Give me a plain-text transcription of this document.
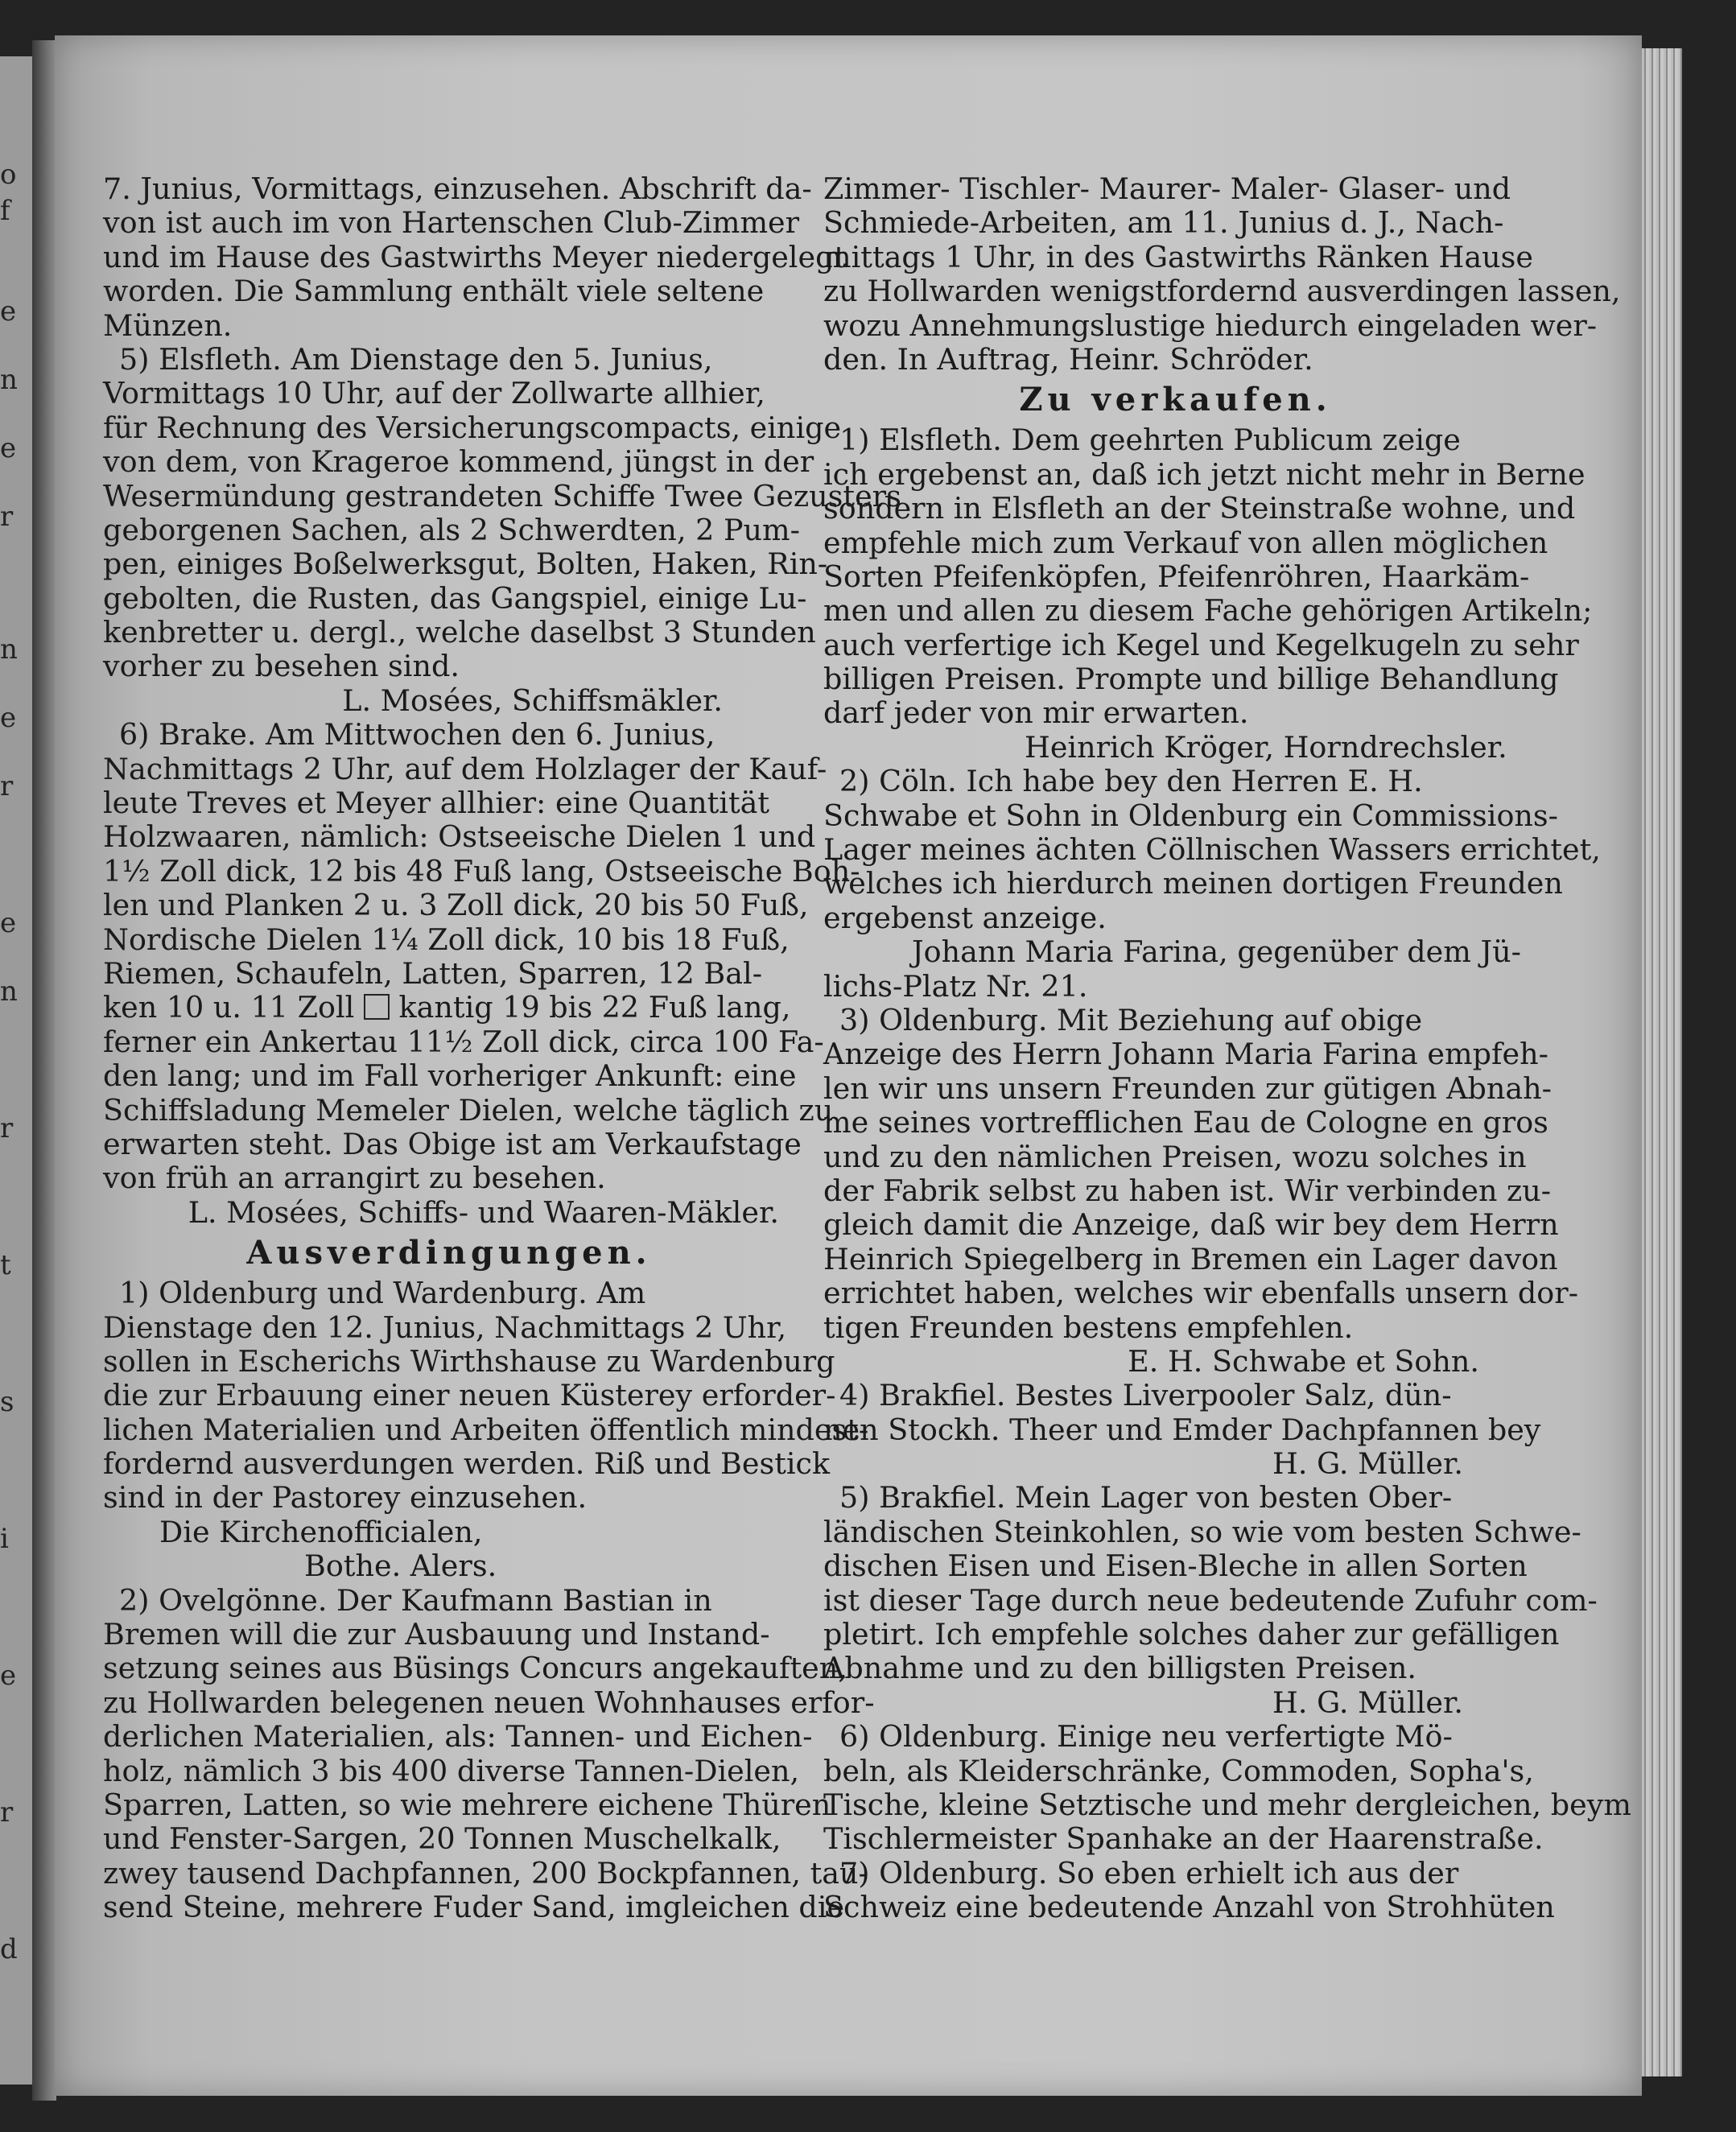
o
f
e
n
e
r
n
e
r
e
n
r
t
s
i
e
r
d
7. Junius, Vormittags, einzusehen. Abschrift da-
von ist auch im von Hartenschen Club-Zimmer
und im Hause des Gastwirths Meyer niedergelegt
worden. Die Sammlung enthält viele seltene
Münzen.
5) Elsfleth. Am Dienstage den 5. Junius,
Vormittags 10 Uhr, auf der Zollwarte allhier,
für Rechnung des Versicherungscompacts, einige
von dem, von Krageroe kommend, jüngst in der
Wesermündung gestrandeten Schiffe Twee Gezusters
geborgenen Sachen, als 2 Schwerdten, 2 Pum-
pen, einiges Boßelwerksgut, Bolten, Haken, Rin-
gebolten, die Rusten, das Gangspiel, einige Lu-
kenbretter u. dergl., welche daselbst 3 Stunden
vorher zu besehen sind.
L. Mosées, Schiffsmäkler.
6) Brake. Am Mittwochen den 6. Junius,
Nachmittags 2 Uhr, auf dem Holzlager der Kauf-
leute Treves et Meyer allhier: eine Quantität
Holzwaaren, nämlich: Ostseeische Dielen 1 und
1½ Zoll dick, 12 bis 48 Fuß lang, Ostseeische Boh-
len und Planken 2 u. 3 Zoll dick, 20 bis 50 Fuß,
Nordische Dielen 1¼ Zoll dick, 10 bis 18 Fuß,
Riemen, Schaufeln, Latten, Sparren, 12 Bal-
ken 10 u. 11 Zoll kantig 19 bis 22 Fuß lang,
ferner ein Ankertau 11½ Zoll dick, circa 100 Fa-
den lang; und im Fall vorheriger Ankunft: eine
Schiffsladung Memeler Dielen, welche täglich zu
erwarten steht. Das Obige ist am Verkaufstage
von früh an arrangirt zu besehen.
L. Mosées, Schiffs- und Waaren-Mäkler.
Ausverdingungen.
1) Oldenburg und Wardenburg. Am
Dienstage den 12. Junius, Nachmittags 2 Uhr,
sollen in Escherichs Wirthshause zu Wardenburg
die zur Erbauung einer neuen Küsterey erforder-
lichen Materialien und Arbeiten öffentlich mindest-
fordernd ausverdungen werden. Riß und Bestick
sind in der Pastorey einzusehen.
Die Kirchenofficialen,
Bothe. Alers.
2) Ovelgönne. Der Kaufmann Bastian in
Bremen will die zur Ausbauung und Instand-
setzung seines aus Büsings Concurs angekauften,
zu Hollwarden belegenen neuen Wohnhauses erfor-
derlichen Materialien, als: Tannen- und Eichen-
holz, nämlich 3 bis 400 diverse Tannen-Dielen,
Sparren, Latten, so wie mehrere eichene Thüren
und Fenster-Sargen, 20 Tonnen Muschelkalk,
zwey tausend Dachpfannen, 200 Bockpfannen, tau-
send Steine, mehrere Fuder Sand, imgleichen die
Zimmer- Tischler- Maurer- Maler- Glaser- und
Schmiede-Arbeiten, am 11. Junius d. J., Nach-
mittags 1 Uhr, in des Gastwirths Ränken Hause
zu Hollwarden wenigstfordernd ausverdingen lassen,
wozu Annehmungslustige hiedurch eingeladen wer-
den. In Auftrag, Heinr. Schröder.
Zu verkaufen.
1) Elsfleth. Dem geehrten Publicum zeige
ich ergebenst an, daß ich jetzt nicht mehr in Berne
sondern in Elsfleth an der Steinstraße wohne, und
empfehle mich zum Verkauf von allen möglichen
Sorten Pfeifenköpfen, Pfeifenröhren, Haarkäm-
men und allen zu diesem Fache gehörigen Artikeln;
auch verfertige ich Kegel und Kegelkugeln zu sehr
billigen Preisen. Prompte und billige Behandlung
darf jeder von mir erwarten.
Heinrich Kröger, Horndrechsler.
2) Cöln. Ich habe bey den Herren E. H.
Schwabe et Sohn in Oldenburg ein Commissions-
Lager meines ächten Cöllnischen Wassers errichtet,
welches ich hierdurch meinen dortigen Freunden
ergebenst anzeige.
Johann Maria Farina, gegenüber dem Jü-
lichs-Platz Nr. 21.
3) Oldenburg. Mit Beziehung auf obige
Anzeige des Herrn Johann Maria Farina empfeh-
len wir uns unsern Freunden zur gütigen Abnah-
me seines vortrefflichen Eau de Cologne en gros
und zu den nämlichen Preisen, wozu solches in
der Fabrik selbst zu haben ist. Wir verbinden zu-
gleich damit die Anzeige, daß wir bey dem Herrn
Heinrich Spiegelberg in Bremen ein Lager davon
errichtet haben, welches wir ebenfalls unsern dor-
tigen Freunden bestens empfehlen.
E. H. Schwabe et Sohn.
4) Brakfiel. Bestes Liverpooler Salz, dün-
nen Stockh. Theer und Emder Dachpfannen bey
H. G. Müller.
5) Brakfiel. Mein Lager von besten Ober-
ländischen Steinkohlen, so wie vom besten Schwe-
dischen Eisen und Eisen-Bleche in allen Sorten
ist dieser Tage durch neue bedeutende Zufuhr com-
pletirt. Ich empfehle solches daher zur gefälligen
Abnahme und zu den billigsten Preisen.
H. G. Müller.
6) Oldenburg. Einige neu verfertigte Mö-
beln, als Kleiderschränke, Commoden, Sopha's,
Tische, kleine Setztische und mehr dergleichen, beym
Tischlermeister Spanhake an der Haarenstraße.
7) Oldenburg. So eben erhielt ich aus der
Schweiz eine bedeutende Anzahl von Strohhüten
